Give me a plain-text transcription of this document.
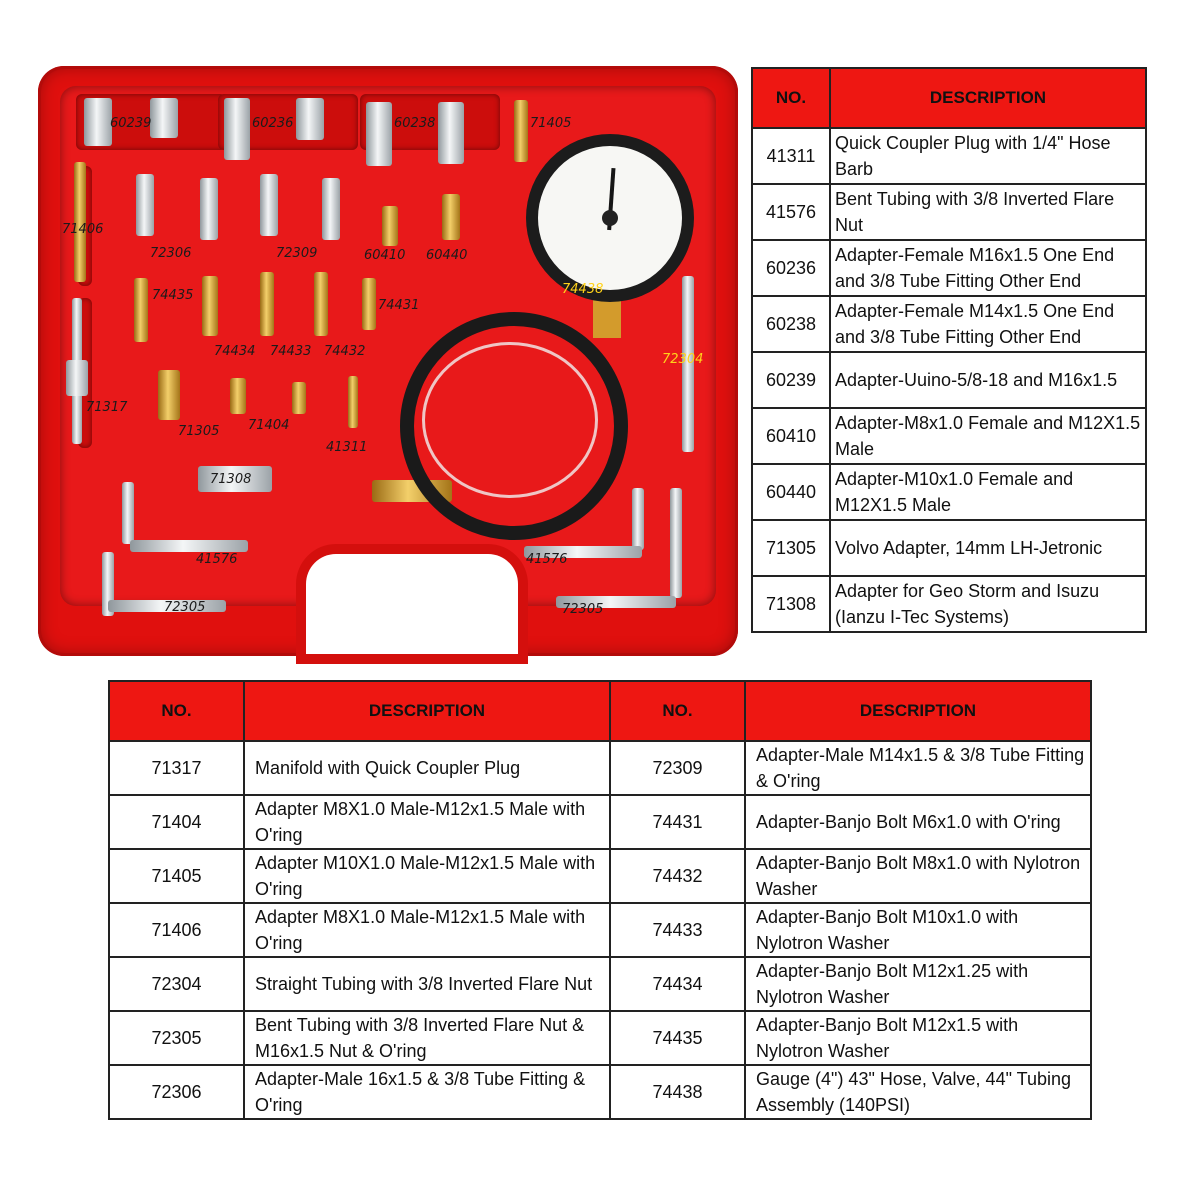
60239	60236	60238	71405
71406
72306	72309	60410 60440
74438
74435
74431
74434 74433 74432
72304
71317
71305 71404
41311
71308
41576	41576
72305	72305
NO.	DESCRIPTION
41311	Quick Coupler Plug with 1/4" Hose Barb
41576	Bent Tubing with 3/8 Inverted Flare Nut
60236	Adapter-Female M16x1.5 One End and 3/8 Tube Fitting Other End
60238	Adapter-Female M14x1.5 One End and 3/8 Tube Fitting Other End
60239	Adapter-Uuino-5/8-18 and M16x1.5
60410	Adapter-M8x1.0 Female and M12X1.5 Male
60440	Adapter-M10x1.0 Female and M12X1.5 Male
71305	Volvo Adapter, 14mm LH-Jetronic
71308	Adapter for Geo Storm and Isuzu (Ianzu I-Tec Systems)
NO.	DESCRIPTION	NO.	DESCRIPTION
71317	Manifold with Quick Coupler Plug	72309	Adapter-Male M14x1.5 & 3/8 Tube Fitting & O'ring
71404	Adapter M8X1.0 Male-M12x1.5 Male with O'ring	74431	Adapter-Banjo Bolt M6x1.0 with O'ring
71405	Adapter M10X1.0 Male-M12x1.5 Male with O'ring	74432	Adapter-Banjo Bolt M8x1.0 with Nylotron Washer
71406	Adapter M8X1.0 Male-M12x1.5 Male with O'ring	74433	Adapter-Banjo Bolt M10x1.0 with Nylotron Washer
72304	Straight Tubing with 3/8 Inverted Flare Nut	74434	Adapter-Banjo Bolt M12x1.25 with Nylotron Washer
72305	Bent Tubing with 3/8 Inverted Flare Nut & M16x1.5 Nut & O'ring	74435	Adapter-Banjo Bolt M12x1.5 with Nylotron Washer
72306	Adapter-Male 16x1.5 & 3/8 Tube Fitting & O'ring	74438	Gauge (4") 43" Hose, Valve, 44" Tubing Assembly (140PSI)
